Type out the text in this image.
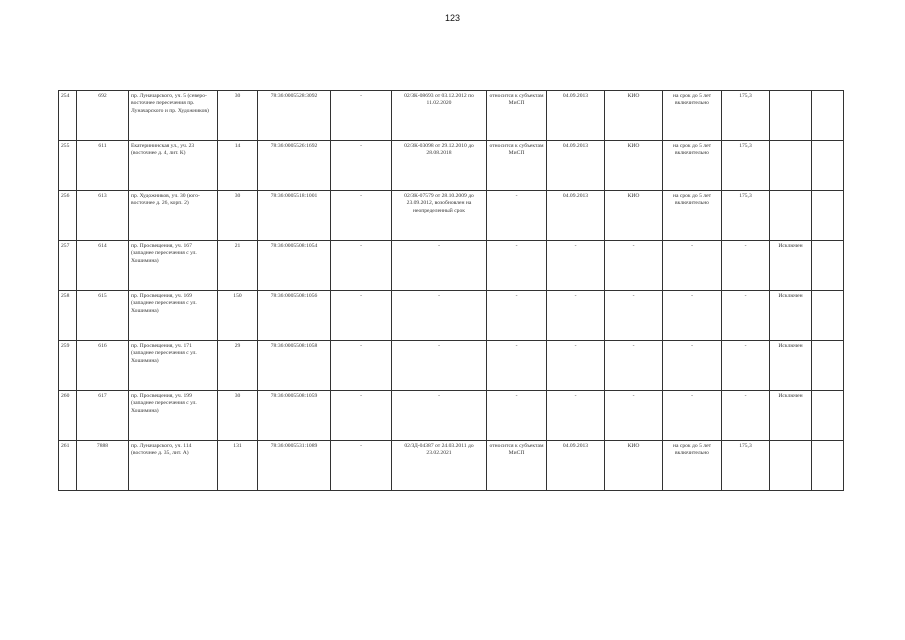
123
254	692	пр. Луначарского, уч. 5 (северо-восточнее пересечения пр. Луначарского и пр. Художников)	30	78:36:0005528:3092	-	02/ЗК-08693 от 03.12.2012 по 11.02.2020	относится к субъектам МиСП	04.09.2013	КИО	на срок до 5 лет включительно	175,3		
255	611	Екатерининская ул., уч. 23 (восточнее д. 4, лит. К)	14	78:36:0005526:1692	-	02/ЗК-03098 от 29.12.2010 до 28.08.2018	относится к субъектам МиСП	04.09.2013	КИО	на срок до 5 лет включительно	175,3		
256	613	пр. Художников, уч. 30 (юго-восточнее д. 26, корп. 2)	30	78:36:0005518:1001	-	02/ЗК-07579 от 28.10.2009 до 23.09.2012, возобновлен на неопределенный срок	-	04.09.2013	КИО	на срок до 5 лет включительно	175,3		
257	614	пр. Просвещения, уч. 167 (западнее пересечения с ул. Хошимина)	21	78:36:0005508:1054	-	-	-	-	-	-	-	Исключен	
258	615	пр. Просвещения, уч. 169 (западнее пересечения с ул. Хошимина)	150	78:36:0005508:1056	-	-	-	-	-	-	-	Исключен	
259	616	пр. Просвещения, уч. 171 (западнее пересечения с ул. Хошимина)	29	78:36:0005508:1058	-	-	-	-	-	-	-	Исключен	
260	617	пр. Просвещения, уч. 199 (западнее пересечения с ул. Хошимина)	30	78:36:0005508:1059	-	-	-	-	-	-	-	Исключен	
261	7888	пр. Луначарского, уч. 114 (восточнее д. 35, лит. А)	131	78:36:0005531:1089	-	02/ЗД-04387 от 24.03.2011 до 23.02.2021	относится к субъектам МиСП	04.09.2013	КИО	на срок до 5 лет включительно	175,3		
